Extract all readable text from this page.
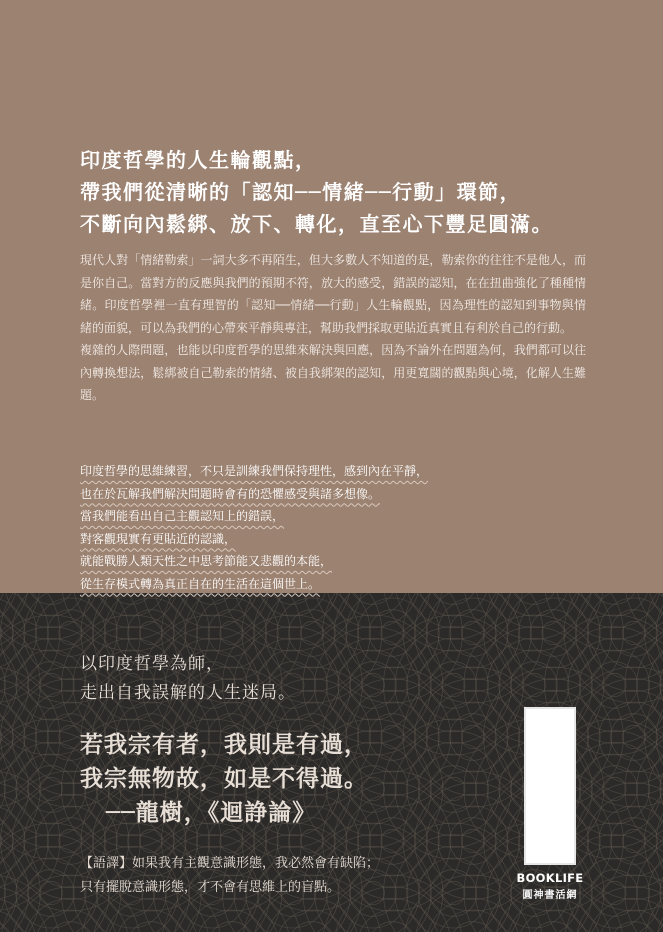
印度哲學的人生輪觀點，
帶我們從清晰的「認知──情緒──行動」環節，
不斷向內鬆綁、放下、轉化，直至心下豐足圓滿。

現代人對「情緒勒索」一詞大多不再陌生，但大多數人不知道的是，勒索你的往往不是他人，而是你自己。當對方的反應與我們的預期不符，放大的感受，錯誤的認知，在在扭曲強化了種種情緒。印度哲學裡一直有理智的「認知──情緒──行動」人生輪觀點，因為理性的認知到事物與情緒的面貌，可以為我們的心帶來平靜與專注，幫助我們採取更貼近真實且有利於自己的行動。

複雜的人際問題，也能以印度哲學的思維來解決與回應，因為不論外在問題為何，我們都可以往內轉換想法，鬆綁被自己勒索的情緒、被自我綁架的認知，用更寬闊的觀點與心境，化解人生難題。

印度哲學的思維練習，不只是訓練我們保持理性，感到內在平靜，
也在於瓦解我們解決問題時會有的恐懼感受與諸多想像。
當我們能看出自己主觀認知上的錯誤，
對客觀現實有更貼近的認識，
就能戰勝人類天性之中思考節能又悲觀的本能，
從生存模式轉為真正自在的生活在這個世上。
以印度哲學為師，
走出自我誤解的人生迷局。
若我宗有者，我則是有過，
我宗無物故，如是不得過。
──龍樹，《迴諍論》
【語譯】如果我有主觀意識形態，我必然會有缺陷；
只有擺脫意識形態，才不會有思維上的盲點。
BOOKLIFE
圓神書活網
